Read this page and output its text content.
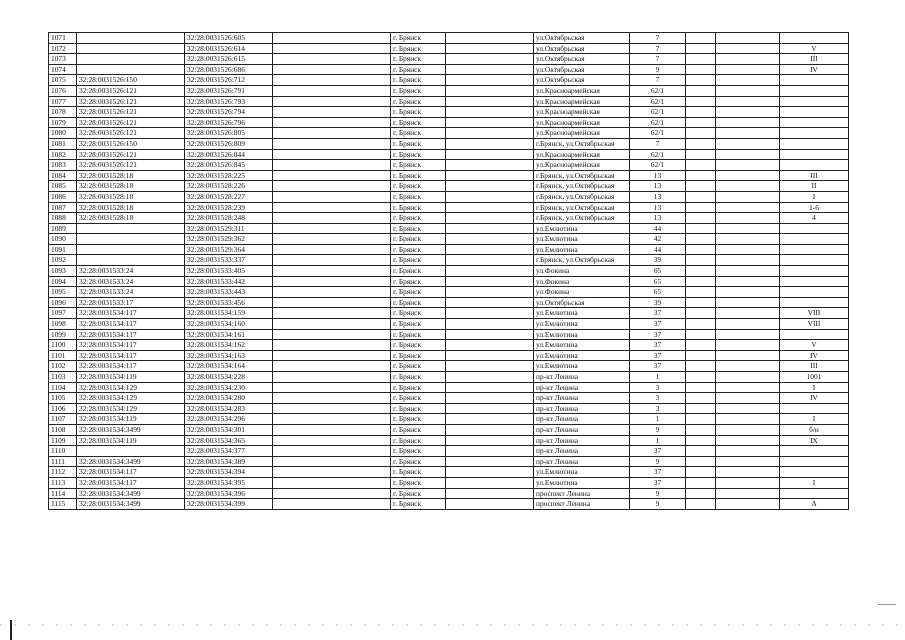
1071		32:28:0031526:605		г. Брянск		ул.Октябрьская	7			
1072		32:28:0031526:614		г. Брянск		ул.Октябрьская	7			V
1073		32:28:0031526:615		г. Брянск		ул.Октябрьская	7			III
1074		32:28:0031526:686		г. Брянск		ул.Октябрьская	9			IV
1075	32:28:0031526:150	32:28:0031526:712		г. Брянск		ул.Октябрьская	7			
1076	32:28:0031526:121	32:28:0031526:791		г. Брянск		ул.Красноармейская	62/1			
1077	32:28:0031526:121	32:28:0031526:793		г. Брянск		ул.Красноармейская	62/1			
1078	32:28:0031526:121	32:28:0031526:794		г. Брянск		ул.Красноармейская	62/1			
1079	32:28:0031526:121	32:28:0031526:796		г. Брянск		ул.Красноармейская	62/1			
1080	32:28:0031526:121	32:28:0031526:805		г. Брянск		ул.Красноармейская	62/1			
1081	32:28:0031526:150	32:28:0031526:809		г. Брянск		г.Брянск, ул.Октябрьская	7			
1082	32:28:0031526:121	32:28:0031526:844		г. Брянск		ул.Красноармейская	62/1			
1083	32:28:0031526:121	32:28:0031526:845		г. Брянск		ул.Красноармейская	62/1			
1084	32:28:0031528:18	32:28:0031528:225		г. Брянск		г.Брянск, ул.Октябрьская	13			III
1085	32:28:0031528:18	32:28:0031528:226		г. Брянск		г.Брянск, ул.Октябрьская	13			II
1086	32:28:0031528:18	32:28:0031528:227		г. Брянск		г.Брянск, ул.Октябрьская	13			I
1087	32:28:0031528:18	32:28:0031528:239		г. Брянск		г.Брянск, ул.Октябрьская	13			1-6
1088	32:28:0031528:18	32:28:0031528:248		г. Брянск		г.Брянск, ул.Октябрьская	13			4
1089		32:28:0031529:311		г. Брянск		ул.Емлютина	44			
1090		32:28:0031529:362		г. Брянск		ул.Емлютина	42			
1091		32:28:0031529:364		г. Брянск		ул.Емлютина	44			
1092		32:28:0031533:337		г. Брянск		г.Брянск, ул.Октябрьская	39			
1093	32:28:0031533:24	32:28:0031533:405		г. Брянск		ул.Фокина	65			
1094	32:28:0031533:24	32:28:0031533:442		г. Брянск		ул.Фокина	65			
1095	32:28:0031533:24	32:28:0031533:443		г. Брянск		ул.Фокина	65			
1096	32:28:0031533:17	32:28:0031533:456		г. Брянск		ул.Октябрьская	39			
1097	32:28:0031534:117	32:28:0031534:159		г. Брянск		ул.Емлютина	37			VIII
1098	32:28:0031534:117	32:28:0031534:160		г. Брянск		ул.Емлютина	37			VIII
1099	32:28:0031534:117	32:28:0031534:161		г. Брянск		ул.Емлютина	37			
1100	32:28:0031534:117	32:28:0031534:162		г. Брянск		ул.Емлютина	37			V
1101	32:28:0031534:117	32:28:0031534:163		г. Брянск		ул.Емлютина	37			IV
1102	32:28:0031534:117	32:28:0031534:164		г. Брянск		ул.Емлютина	37			III
1103	32:28:0031534:119	32:28:0031534:228		г. Брянск		пр-кт Ленина	1			1001
1104	32:28:0031534:129	32:28:0031534:230		г. Брянск		пр-кт Ленина	3			I
1105	32:28:0031534:129	32:28:0031534:280		г. Брянск		пр-кт Ленина	3			IV
1106	32:28:0031534:129	32:28:0031534:283		г. Брянск		пр-кт Ленина	3			
1107	32:28:0031534:119	32:28:0031534:296		г. Брянск		пр-кт Ленина	1			I
1108	32:28:0031534:3499	32:28:0031534:301		г. Брянск		пр-кт Ленина	9			б/н
1109	32:28:0031534:119	32:28:0031534:365		г. Брянск		пр-кт Ленина	1			IX
1110		32:28:0031534:377		г. Брянск		пр-кт Ленина	37			
1111	32:28:0031534:3499	32:28:0031534:389		г. Брянск		пр-кт Ленина	9			
1112	32:28:0031534:117	32:28:0031534:394		г. Брянск		ул.Емлютина	37			
1113	32:28:0031534:117	32:28:0031534:395		г. Брянск		ул.Емлютина	37			I
1114	32:28:0031534:3499	32:28:0031534:396		г. Брянск		проспект Ленина	9			
1115	32:28:0031534:3499	32:28:0031534:399		г. Брянск		проспект Ленина	9			А
